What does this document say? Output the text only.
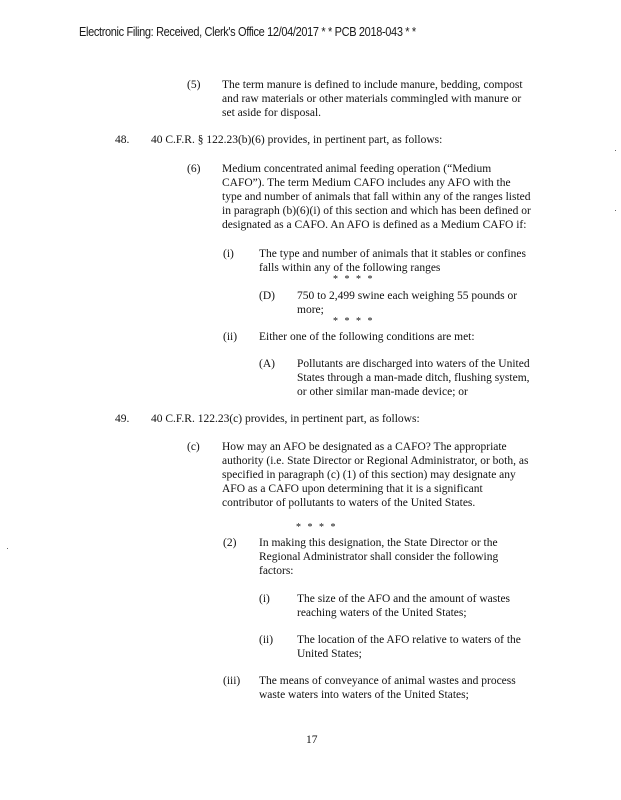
Electronic Filing: Received, Clerk's Office 12/04/2017 * * PCB 2018-043 * *
(5) The term manure is defined to include manure, bedding, compost
and raw materials or other materials commingled with manure or
set aside for disposal.
48. 40 C.F.R. § 122.23(b)(6) provides, in pertinent part, as follows:
(6) Medium concentrated animal feeding operation (“Medium
CAFO”). The term Medium CAFO includes any AFO with the
type and number of animals that fall within any of the ranges listed
in paragraph (b)(6)(i) of this section and which has been defined or
designated as a CAFO. An AFO is defined as a Medium CAFO if:
(i) The type and number of animals that it stables or confines
falls within any of the following ranges
* * * *
(D) 750 to 2,499 swine each weighing 55 pounds or
more;
* * * *
(ii) Either one of the following conditions are met:
(A) Pollutants are discharged into waters of the United
States through a man-made ditch, flushing system,
or other similar man-made device; or
49. 40 C.F.R. 122.23(c) provides, in pertinent part, as follows:
(c) How may an AFO be designated as a CAFO? The appropriate
authority (i.e. State Director or Regional Administrator, or both, as
specified in paragraph (c) (1) of this section) may designate any
AFO as a CAFO upon determining that it is a significant
contributor of pollutants to waters of the United States.
* * * *
(2) In making this designation, the State Director or the
Regional Administrator shall consider the following
factors:
(i) The size of the AFO and the amount of wastes
reaching waters of the United States;
(ii) The location of the AFO relative to waters of the
United States;
(iii) The means of conveyance of animal wastes and process
waste waters into waters of the United States;
17
